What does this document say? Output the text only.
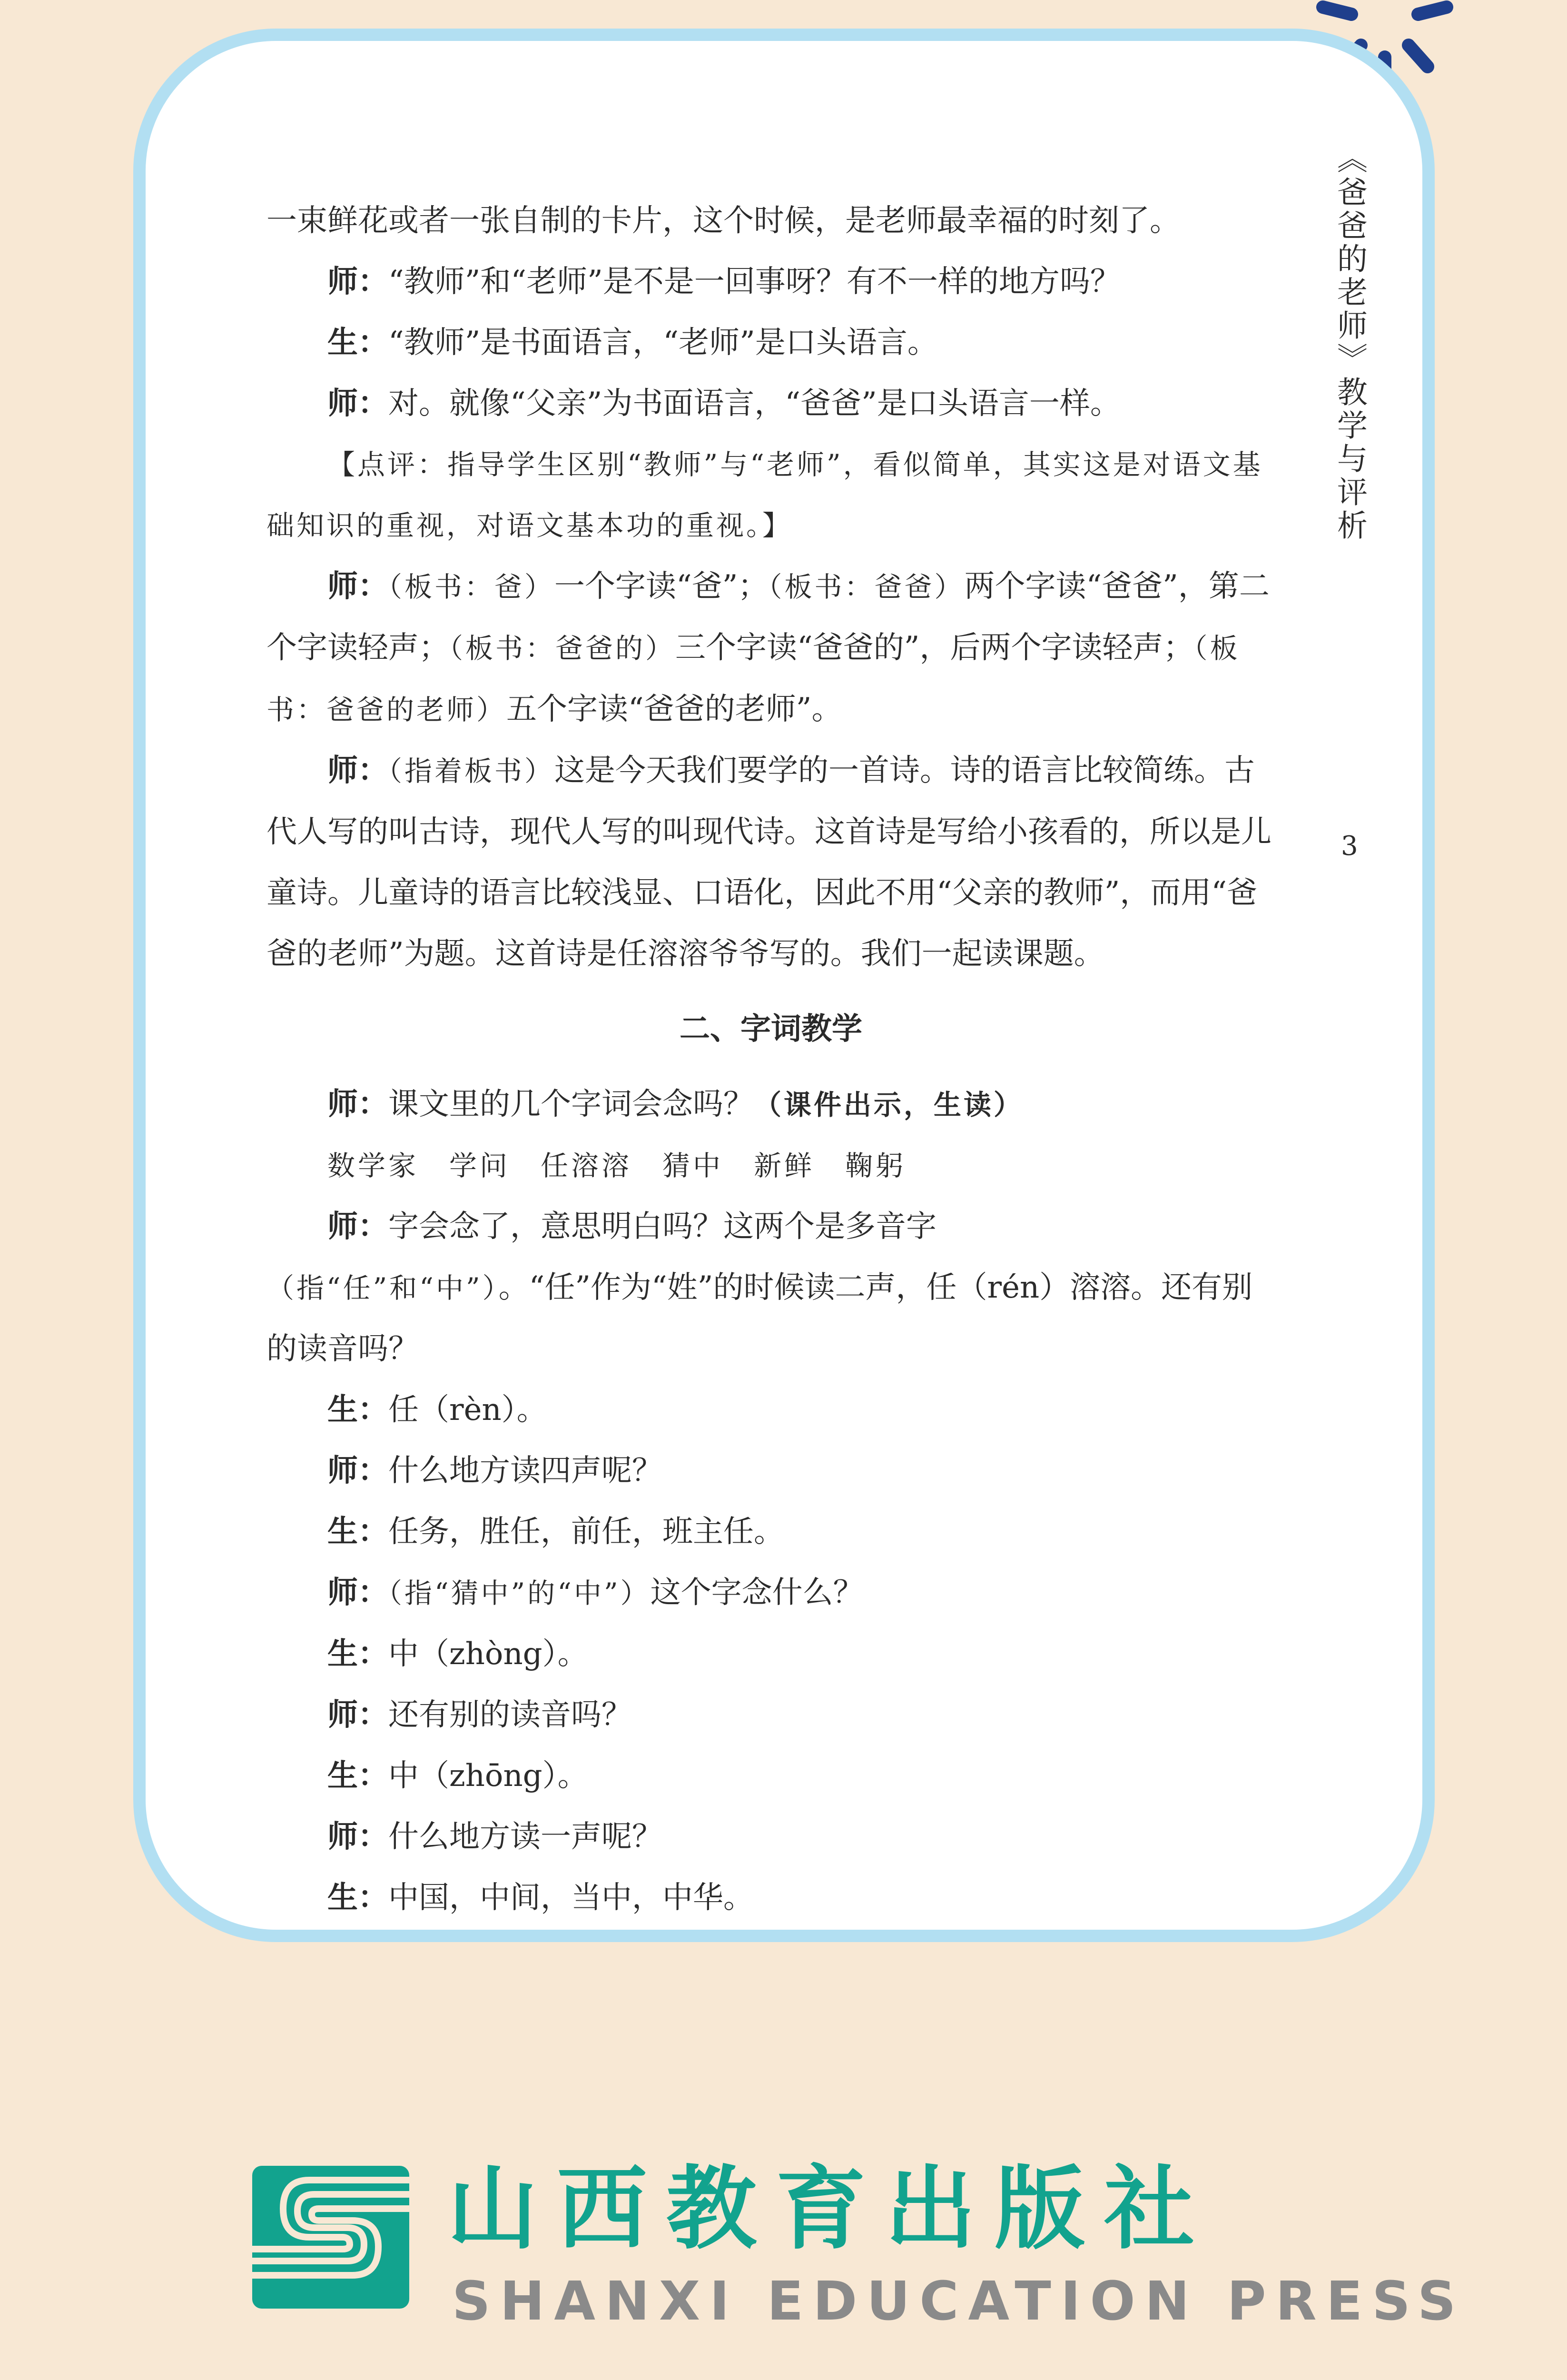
《爸爸的老师》教学与评析
3

一束鲜花或者一张自制的卡片，这个时候，是老师最幸福的时刻了。

师：“教师”和“老师”是不是一回事呀？有不一样的地方吗？

生：“教师”是书面语言，“老师”是口头语言。

师：对。就像“父亲”为书面语言，“爸爸”是口头语言一样。

【点评：指导学生区别“教师”与“老师”，看似简单，其实这是对语文基础知识的重视，对语文基本功的重视。】

师：（板书：爸）一个字读“爸”；（板书：爸爸）两个字读“爸爸”，第二个字读轻声；（板书：爸爸的）三个字读“爸爸的”，后两个字读轻声；（板书：爸爸的老师）五个字读“爸爸的老师”。

师：（指着板书）这是今天我们要学的一首诗。诗的语言比较简练。古代人写的叫古诗，现代人写的叫现代诗。这首诗是写给小孩看的，所以是儿童诗。儿童诗的语言比较浅显、口语化，因此不用“父亲的教师”，而用“爸爸的老师”为题。这首诗是任溶溶爷爷写的。我们一起读课题。

二、字词教学

师：课文里的几个字词会念吗？（课件出示，生读）

数学家 学问 任溶溶 猜中 新鲜 鞠躬

师：字会念了，意思明白吗？这两个是多音字（指“任”和“中”）。“任”作为“姓”的时候读二声，任（rén）溶溶。还有别的读音吗？

生：任（rèn）。

师：什么地方读四声呢？

生：任务，胜任，前任，班主任。

师：（指“猜中”的“中”）这个字念什么？

生：中（zhòng）。

师：还有别的读音吗？

生：中（zhōng）。

师：什么地方读一声呢？

生：中国，中间，当中，中华。

山西教育出版社
SHANXI EDUCATION PRESS
